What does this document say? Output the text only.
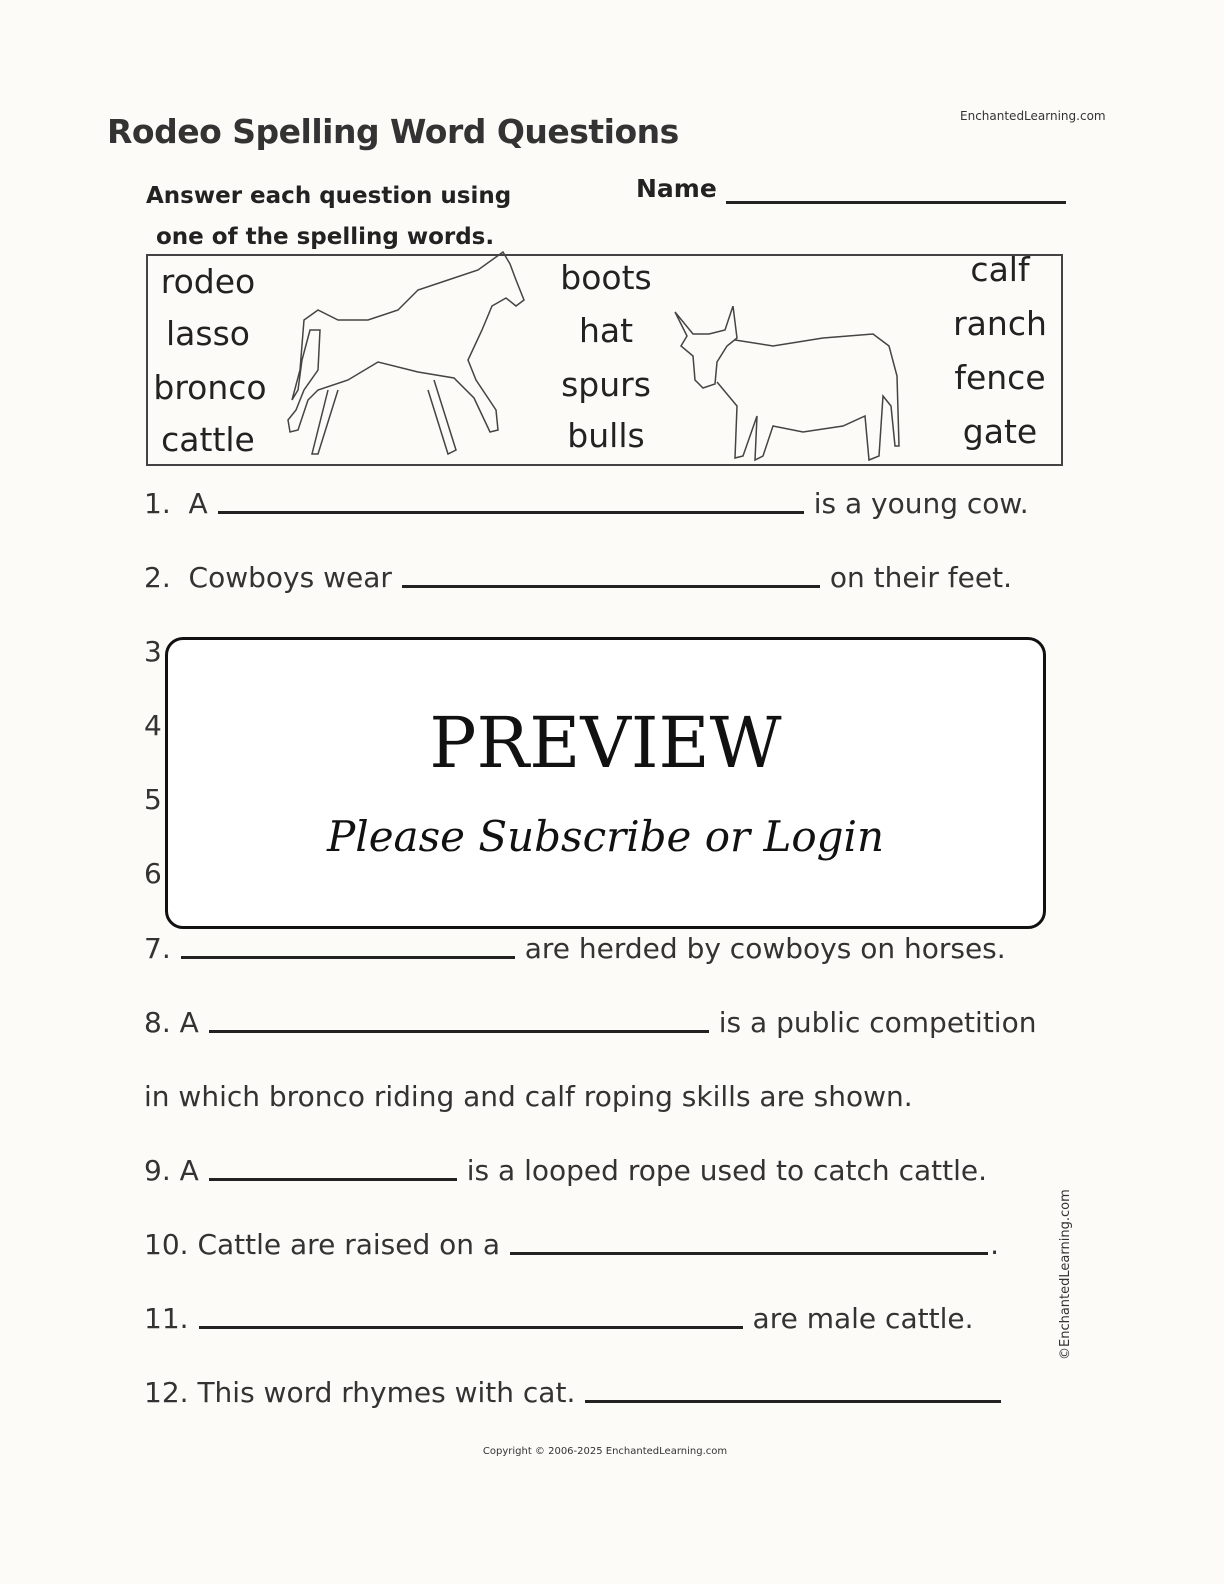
Rodeo Spelling Word Questions	EnchantedLearning.com
Answer each question using
one of the spelling words.
Name
rodeo
lasso
bronco
cattle
boots
hat
spurs
bulls
calf
ranch
fence
gate
1.
A	is a young cow.
2.
Cowboys wear	on their feet.
3
4
5
6
7.	are herded by cowboys on horses.
8.
A	is a public competition
in which bronco riding and calf roping skills are shown.
9.
A	is a looped rope used to catch cattle.
10.
Cattle are raised on a	.
11.	are male cattle.
12.
This word rhymes with cat.
PREVIEW
Please Subscribe or Login
©EnchantedLearning.com
Copyright © 2006-2025 EnchantedLearning.com
